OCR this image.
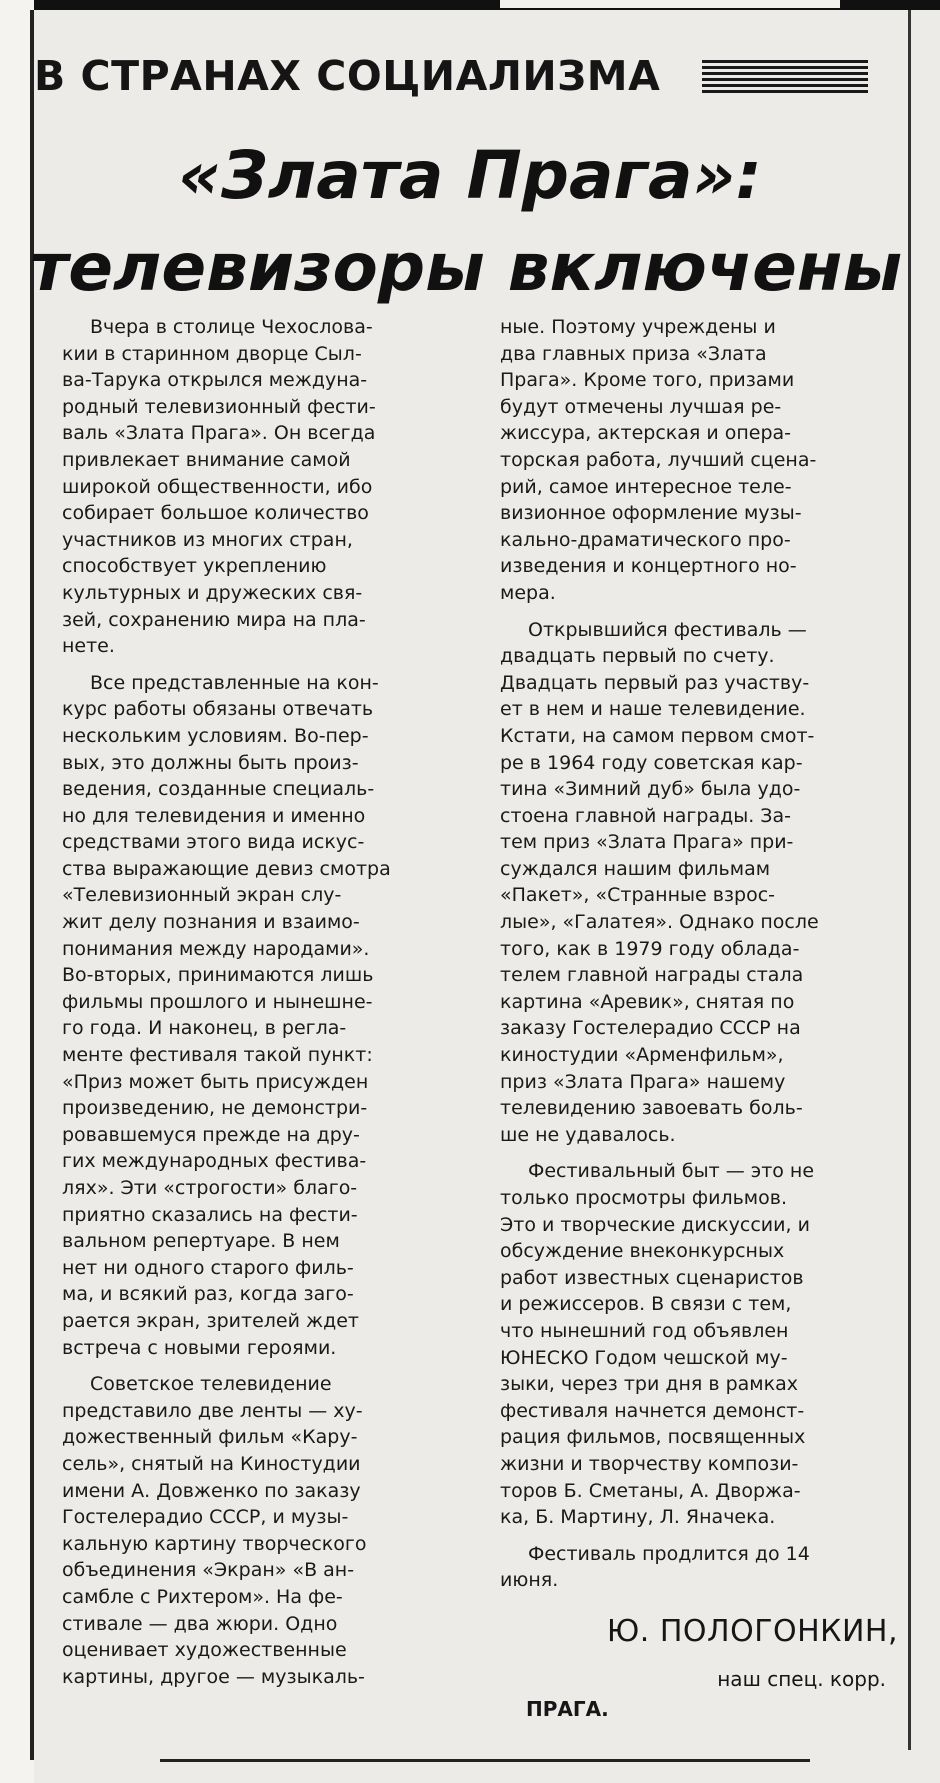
В СТРАНАХ СОЦИАЛИЗМА
«Злата Прага»:
телевизоры включены

Вчера в столице Чехослова-
кии в старинном дворце Сыл-
ва-Тарука открылся междуна-
родный телевизионный фести-
валь «Злата Прага». Он всегда
привлекает внимание самой
широкой общественности, ибо
собирает большое количество
участников из многих стран,
способствует укреплению
культурных и дружеских свя-
зей, сохранению мира на пла-
нете.

Все представленные на кон-
курс работы обязаны отвечать
нескольким условиям. Во-пер-
вых, это должны быть произ-
ведения, созданные специаль-
но для телевидения и именно
средствами этого вида искус-
ства выражающие девиз смотра
«Телевизионный экран слу-
жит делу познания и взаимо-
понимания между народами».
Во-вторых, принимаются лишь
фильмы прошлого и нынешне-
го года. И наконец, в регла-
менте фестиваля такой пункт:
«Приз может быть присужден
произведению, не демонстри-
ровавшемуся прежде на дру-
гих международных фестива-
лях». Эти «строгости» благо-
приятно сказались на фести-
вальном репертуаре. В нем
нет ни одного старого филь-
ма, и всякий раз, когда заго-
рается экран, зрителей ждет
встреча с новыми героями.

Советское телевидение
представило две ленты — ху-
дожественный фильм «Кару-
сель», снятый на Киностудии
имени А. Довженко по заказу
Гостелерадио СССР, и музы-
кальную картину творческого
объединения «Экран» «В ан-
самбле с Рихтером». На фе-
стивале — два жюри. Одно
оценивает художественные
картины, другое — музыкаль-

ные. Поэтому учреждены и
два главных приза «Злата
Прага». Кроме того, призами
будут отмечены лучшая ре-
жиссура, актерская и опера-
торская работа, лучший сцена-
рий, самое интересное теле-
визионное оформление музы-
кально-драматического про-
изведения и концертного но-
мера.

Открывшийся фестиваль —
двадцать первый по счету.
Двадцать первый раз участву-
ет в нем и наше телевидение.
Кстати, на самом первом смот-
ре в 1964 году советская кар-
тина «Зимний дуб» была удо-
стоена главной награды. За-
тем приз «Злата Прага» при-
суждался нашим фильмам
«Пакет», «Странные взрос-
лые», «Галатея». Однако после
того, как в 1979 году облада-
телем главной награды стала
картина «Аревик», снятая по
заказу Гостелерадио СССР на
киностудии «Арменфильм»,
приз «Злата Прага» нашему
телевидению завоевать боль-
ше не удавалось.

Фестивальный быт — это не
только просмотры фильмов.
Это и творческие дискуссии, и
обсуждение внеконкурсных
работ известных сценаристов
и режиссеров. В связи с тем,
что нынешний год объявлен
ЮНЕСКО Годом чешской му-
зыки, через три дня в рамках
фестиваля начнется демонст-
рация фильмов, посвященных
жизни и творчеству компози-
торов Б. Сметаны, А. Дворжа-
ка, Б. Мартину, Л. Яначека.

Фестиваль продлится до 14
июня.

Ю. ПОЛОГОНКИН,
наш спец. корр.
ПРАГА.
